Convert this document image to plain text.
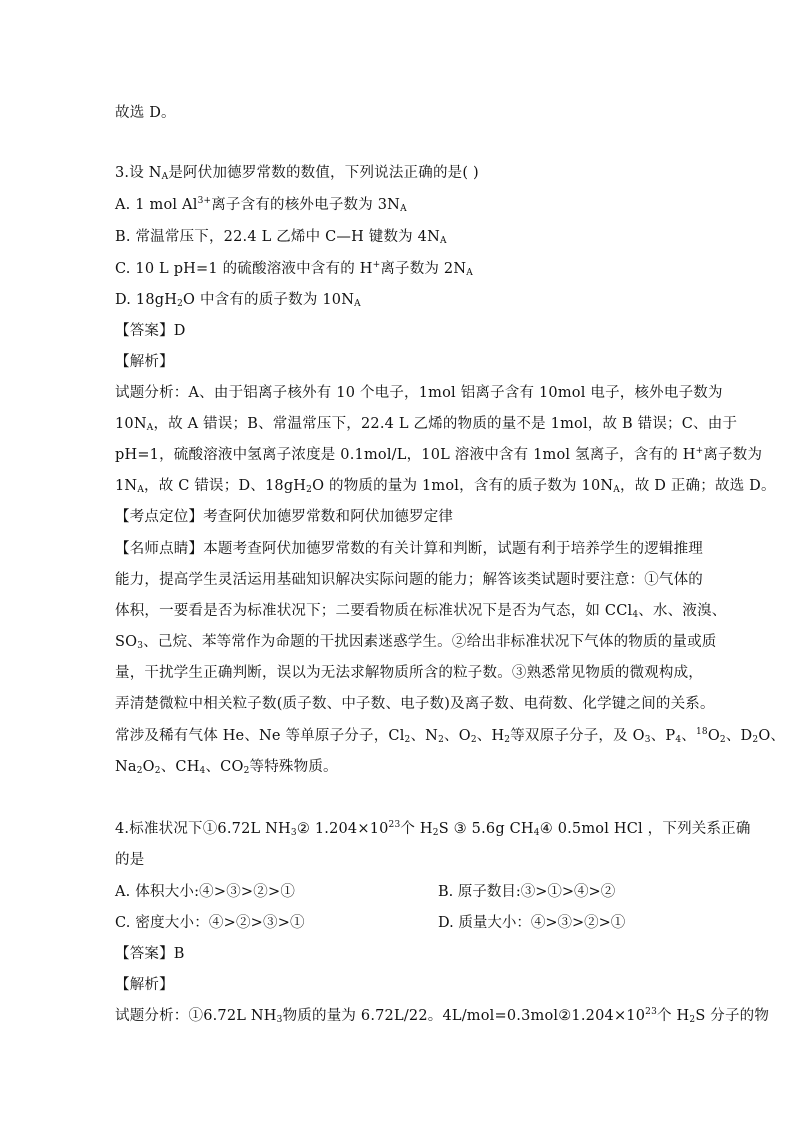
故选 D。
3.设 $N_A$是阿伏加德罗常数的数值，下列说法正确的是( )
A. 1 mol $Al^{3+}$离子含有的核外电子数为 $3N_A$
B. 常温常压下，22.4 L 乙烯中 C—H 键数为 $4N_A$
C. 10 L pH=1 的硫酸溶液中含有的 H+离子数为 $2N_A$
D. $18gH_2O$ 中含有的质子数为 $10N_A$
【答案】D
【解析】
试题分析：A、由于铝离子核外有 10 个电子，1mol 铝离子含有 10mol 电子，核外电子数为
$10N_A$，故 A 错误；B、常温常压下，22.4 L 乙烯的物质的量不是 1mol，故 B 错误；C、由于
pH=1，硫酸溶液中氢离子浓度是 0.1mol/L，10L 溶液中含有 1mol 氢离子，含有的 H+离子数为
$1N_A$，故 C 错误；D、$18gH_2O$ 的物质的量为 1mol，含有的质子数为 $10N_A$，故 D 正确；故选 D。
【考点定位】考查阿伏加德罗常数和阿伏加德罗定律
【名师点睛】本题考查阿伏加德罗常数的有关计算和判断，试题有利于培养学生的逻辑推理
能力，提高学生灵活运用基础知识解决实际问题的能力；解答该类试题时要注意：①气体的
体积，一要看是否为标准状况下；二要看物质在标准状况下是否为气态，如 CCl$_4$、水、液溴、
$SO_3$、己烷、苯等常作为命题的干扰因素迷惑学生。②给出非标准状况下气体的物质的量或质
量，干扰学生正确判断，误以为无法求解物质所含的粒子数。③熟悉常见物质的微观构成，
弄清楚微粒中相关粒子数(质子数、中子数、电子数)及离子数、电荷数、化学键之间的关系。
常涉及稀有气体 He、Ne 等单原子分子，$Cl_2$、$N_2$、$O_2$、$H_2$等双原子分子，及 $O_3$、$P_4$、$^{18}O_2$、$D_2O$、
$Na_2O_2$、$CH_4$、$CO_2$等特殊物质。
4.标准状况下①6.72L $NH_3②$ $1.204\times 10^{23}$个 $H_2S$ ③ 5.6g $CH_4④$ 0.5mol HCl ，下列关系正确
的是
A. 体积大小:④>③>②>①	B. 原子数目:③>①>④>②
C. 密度大小：④>②>③>①	D. 质量大小：④>③>②>①
【答案】B
【解析】
试题分析：①6.72L $NH_3$物质的量为 6.72L/22。$4L/mol=0.3mol②1.204\times 10^{23}$个 $H_2S$ 分子的物
